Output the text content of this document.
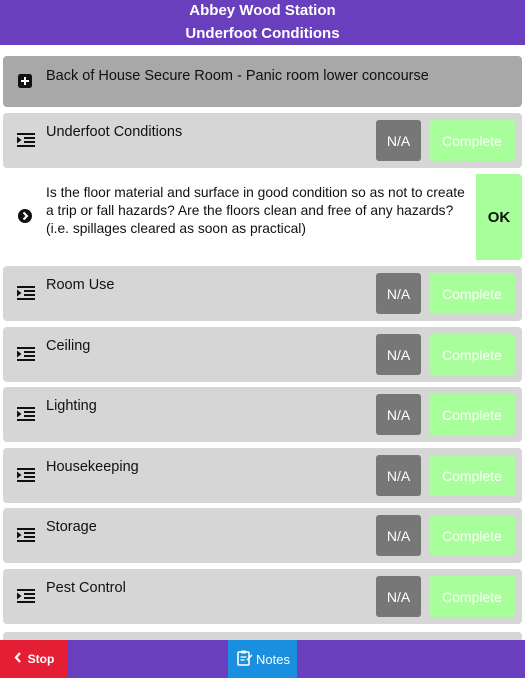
Abbey Wood Station
Underfoot Conditions
Back of House Secure Room - Panic room lower concourse
Underfoot Conditions
N/A	Complete
Is the floor material and surface in good condition so as not to create a trip or fall hazards? Are the floors clean and free of any hazards? (i.e. spillages cleared as soon as practical)
OK
Room Use
N/A	Complete
Ceiling
N/A	Complete
Lighting
N/A	Complete
Housekeeping
N/A	Complete
Storage
N/A	Complete
Pest Control
N/A	Complete
Stop	Notes
